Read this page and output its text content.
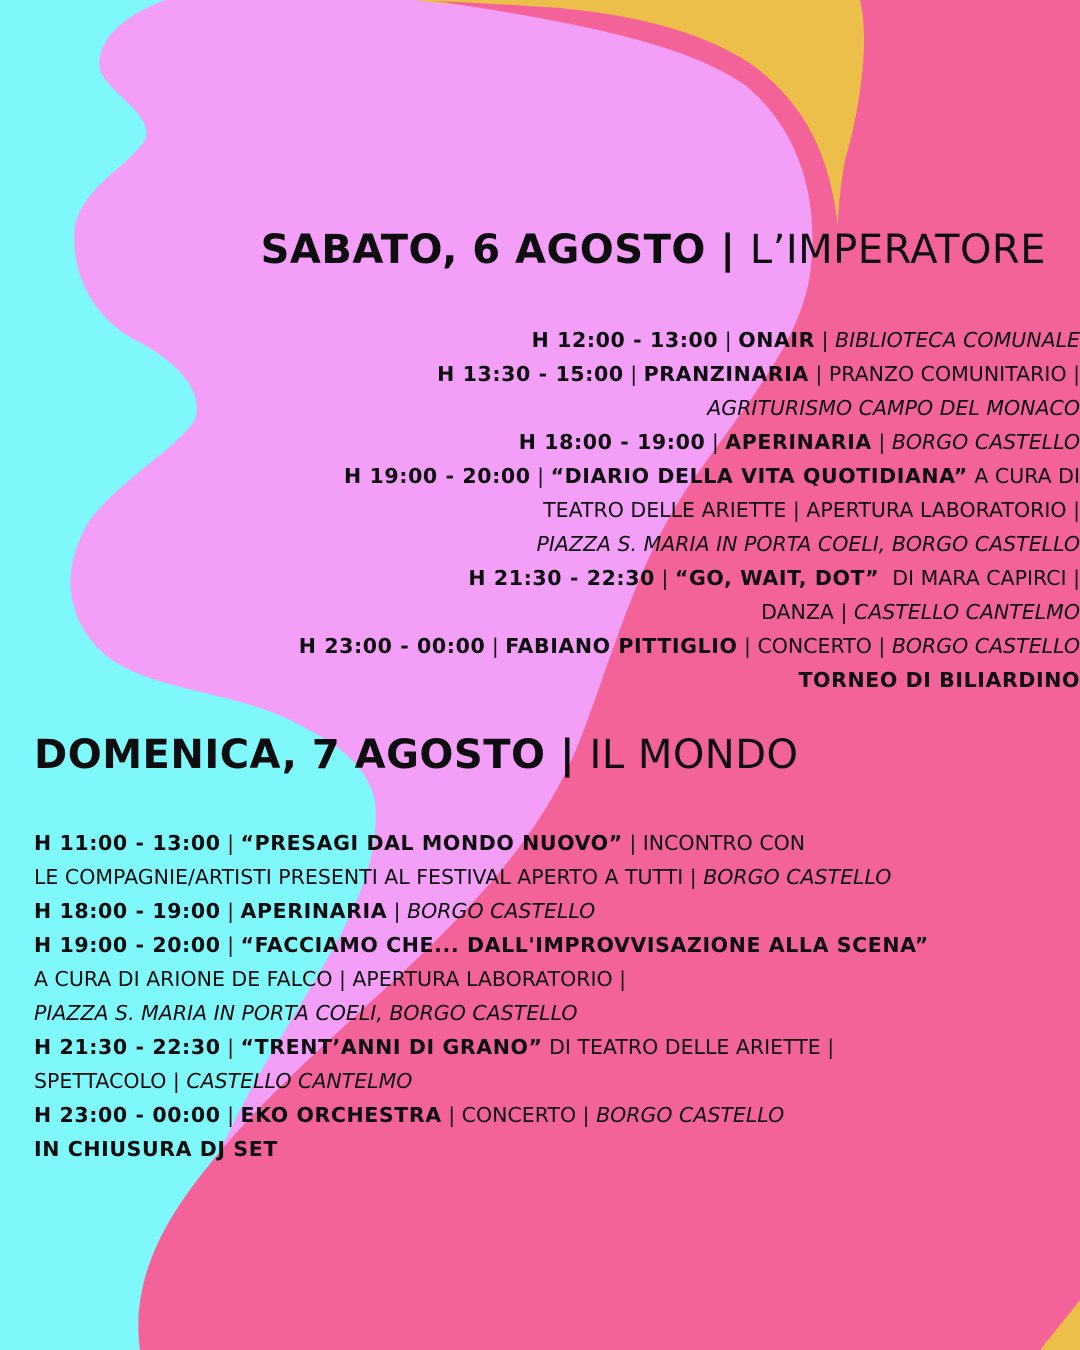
SABATO, 6 AGOSTO | L’IMPERATORE
H 12:00 - 13:00 | ONAIR | BIBLIOTECA COMUNALE
H 13:30 - 15:00 | PRANZINARIA | PRANZO COMUNITARIO |
AGRITURISMO CAMPO DEL MONACO
H 18:00 - 19:00 | APERINARIA | BORGO CASTELLO
H 19:00 - 20:00 | “DIARIO DELLA VITA QUOTIDIANA” A CURA DI
TEATRO DELLE ARIETTE | APERTURA LABORATORIO |
PIAZZA S. MARIA IN PORTA COELI, BORGO CASTELLO
H 21:30 - 22:30 | “GO, WAIT, DOT”  DI MARA CAPIRCI |
DANZA | CASTELLO CANTELMO
H 23:00 - 00:00 | FABIANO PITTIGLIO | CONCERTO | BORGO CASTELLO
TORNEO DI BILIARDINO
DOMENICA, 7 AGOSTO | IL MONDO
H 11:00 - 13:00 | “PRESAGI DAL MONDO NUOVO” | INCONTRO CON
LE COMPAGNIE/ARTISTI PRESENTI AL FESTIVAL APERTO A TUTTI | BORGO CASTELLO
H 18:00 - 19:00 | APERINARIA | BORGO CASTELLO
H 19:00 - 20:00 | “FACCIAMO CHE... DALL'IMPROVVISAZIONE ALLA SCENA”
A CURA DI ARIONE DE FALCO | APERTURA LABORATORIO |
PIAZZA S. MARIA IN PORTA COELI, BORGO CASTELLO
H 21:30 - 22:30 | “TRENT’ANNI DI GRANO” DI TEATRO DELLE ARIETTE |
SPETTACOLO | CASTELLO CANTELMO
H 23:00 - 00:00 | EKO ORCHESTRA | CONCERTO | BORGO CASTELLO
IN CHIUSURA DJ SET
